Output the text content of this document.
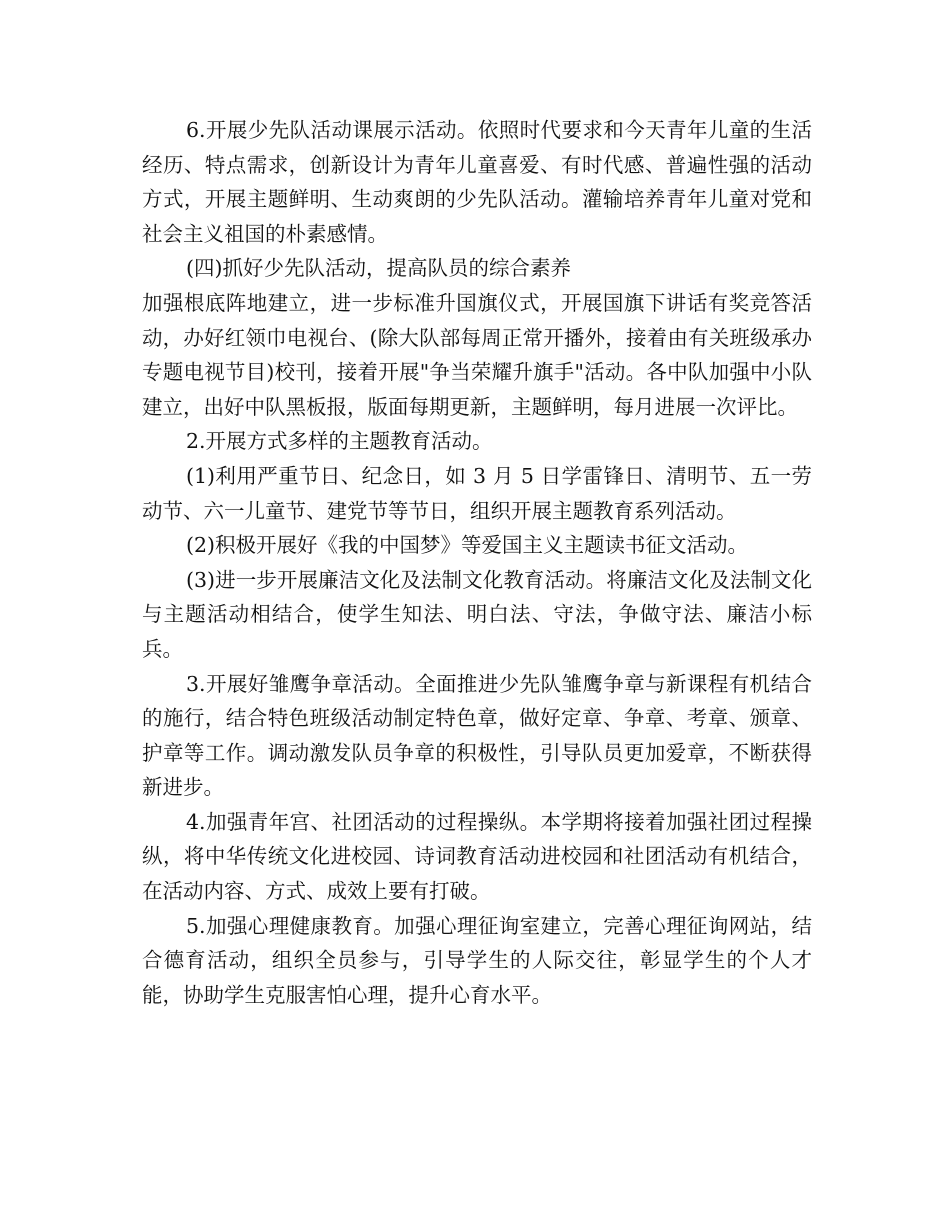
6.开展少先队活动课展示活动。依照时代要求和今天青年儿童的生活经历、特点需求，创新设计为青年儿童喜爱、有时代感、普遍性强的活动方式，开展主题鲜明、生动爽朗的少先队活动。灌输培养青年儿童对党和社会主义祖国的朴素感情。

(四)抓好少先队活动，提高队员的综合素养

加强根底阵地建立，进一步标准升国旗仪式，开展国旗下讲话有奖竞答活动，办好红领巾电视台、(除大队部每周正常开播外，接着由有关班级承办专题电视节目)校刊，接着开展"争当荣耀升旗手"活动。各中队加强中小队建立，出好中队黑板报，版面每期更新，主题鲜明，每月进展一次评比。

2.开展方式多样的主题教育活动。

(1)利用严重节日、纪念日，如 3 月 5 日学雷锋日、清明节、五一劳动节、六一儿童节、建党节等节日，组织开展主题教育系列活动。

(2)积极开展好《我的中国梦》等爱国主义主题读书征文活动。

(3)进一步开展廉洁文化及法制文化教育活动。将廉洁文化及法制文化与主题活动相结合，使学生知法、明白法、守法，争做守法、廉洁小标兵。

3.开展好雏鹰争章活动。全面推进少先队雏鹰争章与新课程有机结合的施行，结合特色班级活动制定特色章，做好定章、争章、考章、颁章、护章等工作。调动激发队员争章的积极性，引导队员更加爱章，不断获得新进步。

4.加强青年宫、社团活动的过程操纵。本学期将接着加强社团过程操纵，将中华传统文化进校园、诗词教育活动进校园和社团活动有机结合，在活动内容、方式、成效上要有打破。

5.加强心理健康教育。加强心理征询室建立，完善心理征询网站，结合德育活动，组织全员参与，引导学生的人际交往，彰显学生的个人才能，协助学生克服害怕心理，提升心育水平。
